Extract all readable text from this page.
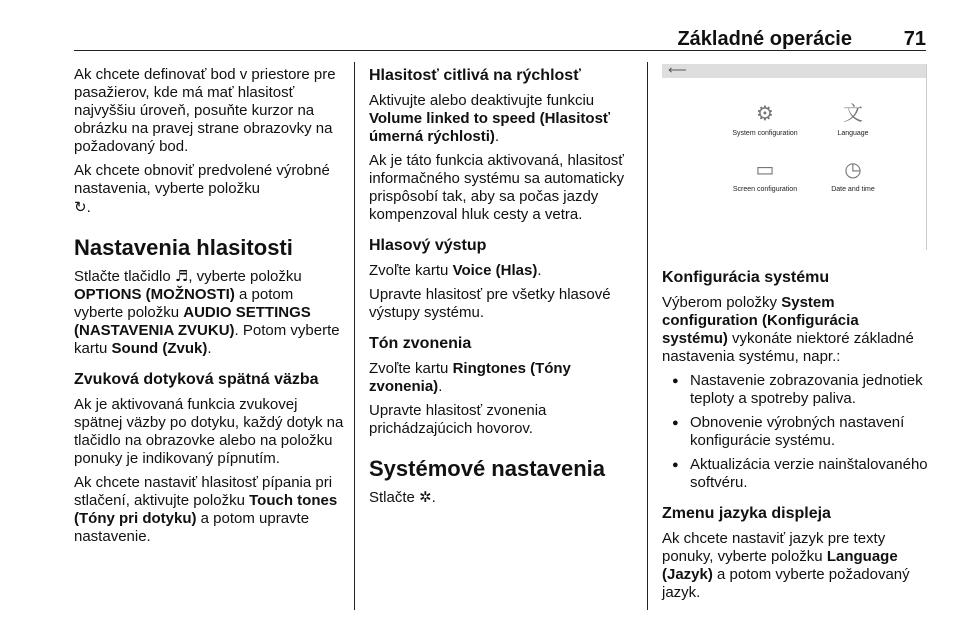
Základné operácie	71

Ak chcete definovať bod v priestore pre pasažierov, kde má mať hlasitosť najvyššiu úroveň, posuňte kurzor na obrázku na pravej strane obrazovky na požadovaný bod.

Ak chcete obnoviť predvolené výrobné nastavenia, vyberte položku
↻.

Nastavenia hlasitosti

Stlačte tlačidlo ♬, vyberte položku OPTIONS (MOŽNOSTI) a potom vyberte položku AUDIO SETTINGS (NASTAVENIA ZVUKU). Potom vyberte kartu Sound (Zvuk).

Zvuková dotyková spätná väzba

Ak je aktivovaná funkcia zvukovej spätnej väzby po dotyku, každý dotyk na tlačidlo na obrazovke alebo na položku ponuky je indikovaný pípnutím.

Ak chcete nastaviť hlasitosť pípania pri stlačení, aktivujte položku Touch tones (Tóny pri dotyku) a potom upravte nastavenie.

Hlasitosť citlivá na rýchlosť

Aktivujte alebo deaktivujte funkciu Volume linked to speed (Hlasitosť úmerná rýchlosti).

Ak je táto funkcia aktivovaná, hlasitosť informačného systému sa automaticky prispôsobí tak, aby sa počas jazdy kompenzoval hluk cesty a vetra.

Hlasový výstup

Zvoľte kartu Voice (Hlas).

Upravte hlasitosť pre všetky hlasové výstupy systému.

Tón zvonenia

Zvoľte kartu Ringtones (Tóny zvonenia).

Upravte hlasitosť zvonenia prichádzajúcich hovorov.

Systémové nastavenia

Stlačte ✲.

⟵
⚙
System configuration
文
Language
▭
Screen configuration
◷
Date and time
Konfigurácia systému

Výberom položky System configuration (Konfigurácia systému) vykonáte niektoré základné nastavenia systému, napr.:

● Nastavenie zobrazovania jednotiek teploty a spotreby paliva.
● Obnovenie výrobných nastavení konfigurácie systému.
● Aktualizácia verzie nainštalovaného softvéru.
Zmenu jazyka displeja

Ak chcete nastaviť jazyk pre texty ponuky, vyberte položku Language (Jazyk) a potom vyberte požadovaný jazyk.
